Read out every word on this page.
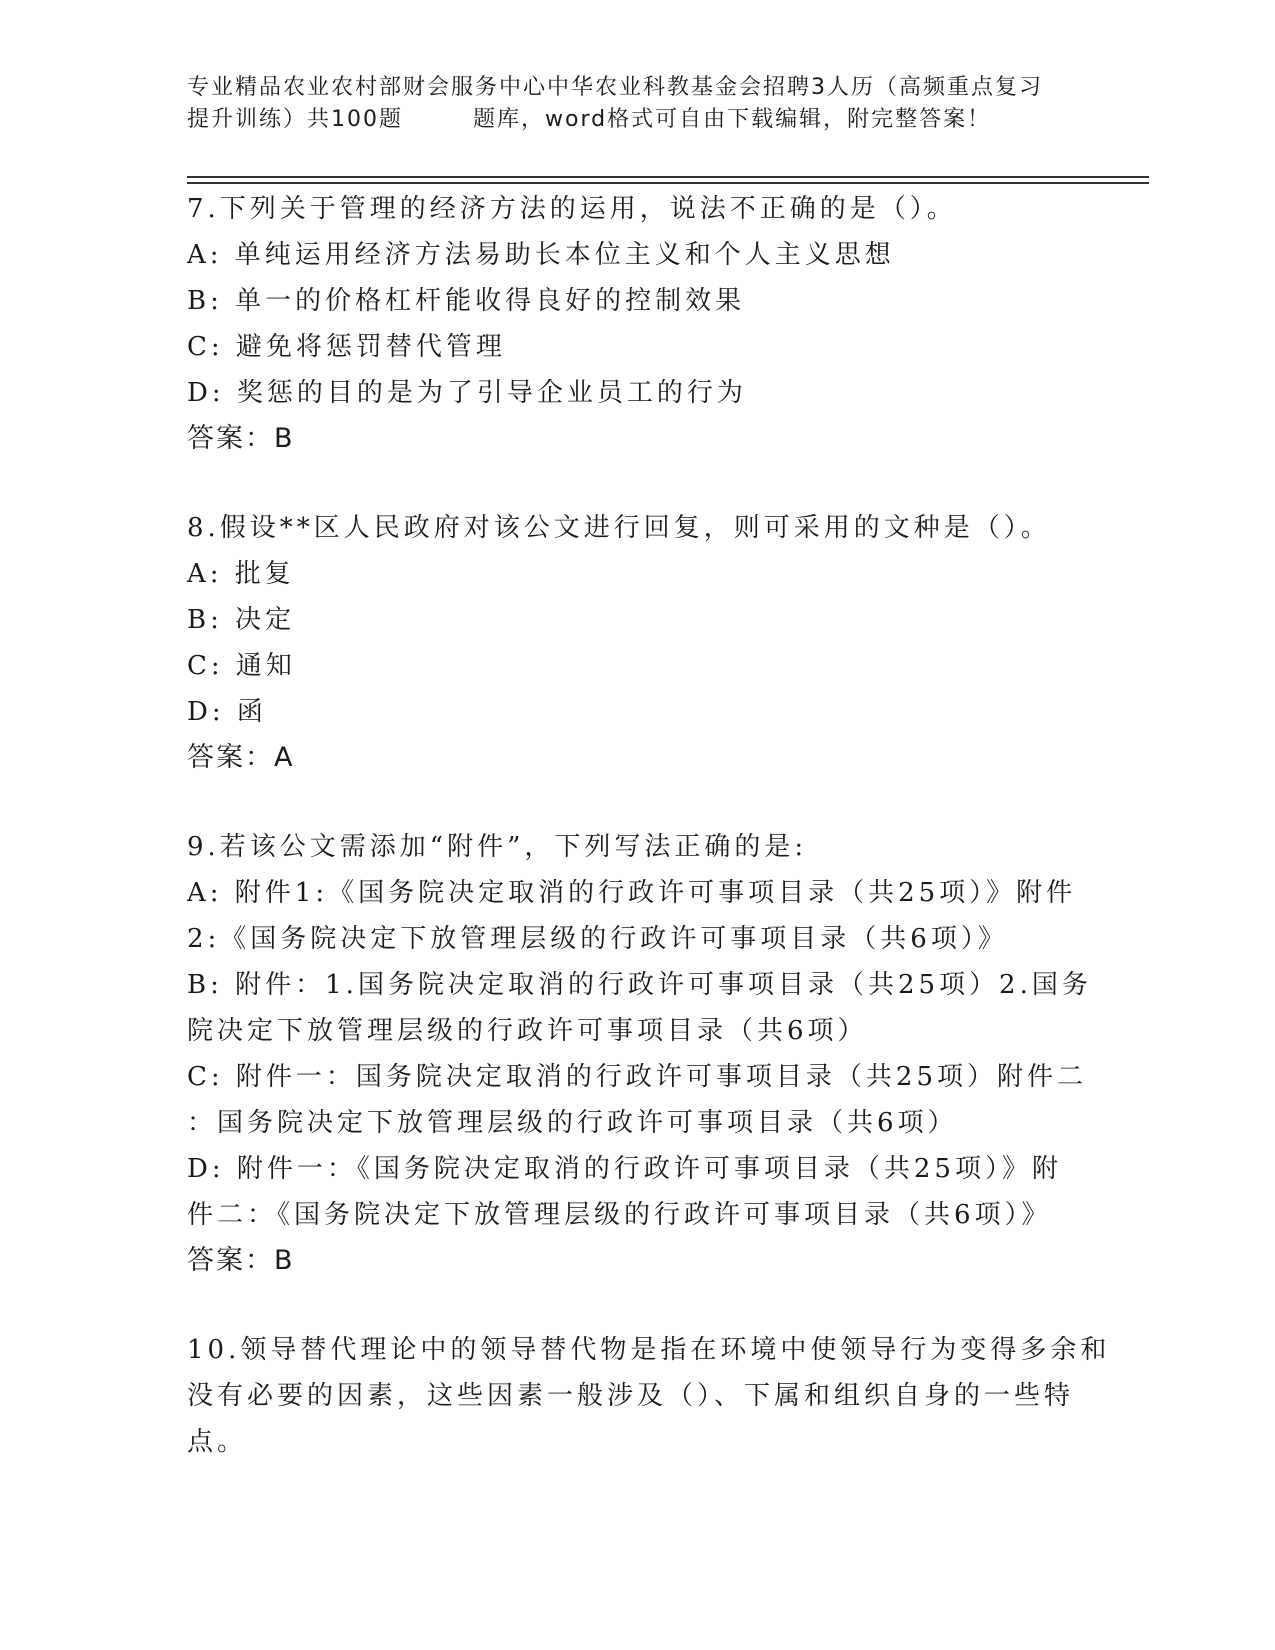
专业精品农业农村部财会服务中心中华农业科教基金会招聘3人历（高频重点复习
提升训练）共100题	题库，word格式可自由下载编辑，附完整答案！
7.下列关于管理的经济方法的运用，说法不正确的是（）。
A: 单纯运用经济方法易助长本位主义和个人主义思想
B: 单一的价格杠杆能收得良好的控制效果
C: 避免将惩罚替代管理
D: 奖惩的目的是为了引导企业员工的行为
答案：B
8.假设**区人民政府对该公文进行回复，则可采用的文种是（）。
A: 批复
B: 决定
C: 通知
D: 函
答案：A
9.若该公文需添加“附件”，下列写法正确的是:
A: 附件1:《国务院决定取消的行政许可事项目录（共25项）》附件
2:《国务院决定下放管理层级的行政许可事项目录（共6项）》
B: 附件：1.国务院决定取消的行政许可事项目录（共25项）2.国务
院决定下放管理层级的行政许可事项目录（共6项）
C: 附件一：国务院决定取消的行政许可事项目录（共25项）附件二
：国务院决定下放管理层级的行政许可事项目录（共6项）
D: 附件一：《国务院决定取消的行政许可事项目录（共25项）》附
件二：《国务院决定下放管理层级的行政许可事项目录（共6项）》
答案：B
10.领导替代理论中的领导替代物是指在环境中使领导行为变得多余和
没有必要的因素，这些因素一般涉及（）、下属和组织自身的一些特
点。
